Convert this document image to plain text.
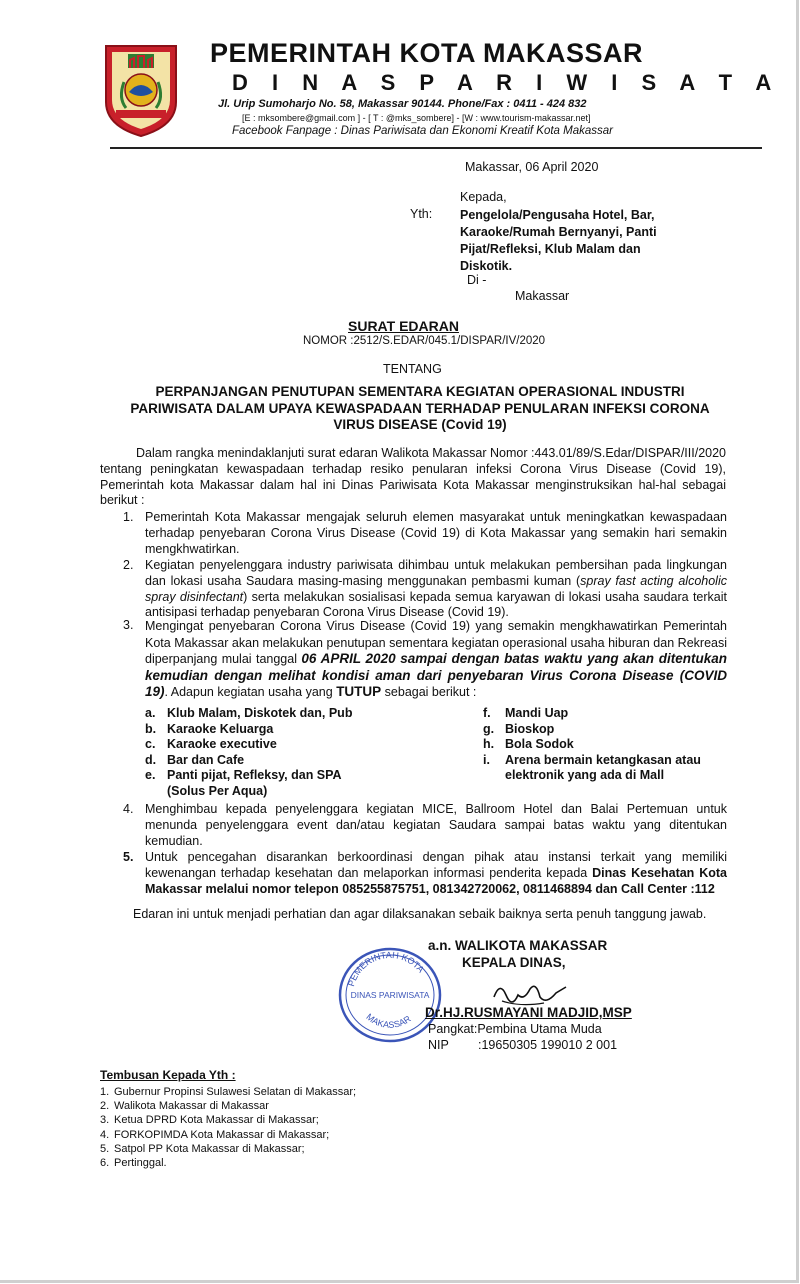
PEMERINTAH KOTA MAKASSAR
D I N A S P A R I W I S A T A
Jl. Urip Sumoharjo No. 58, Makassar 90144. Phone/Fax : 0411 - 424 832
[E : mksombere@gmail.com ] - [ T : @mks_sombere] - [W : www.tourism-makassar.net]
Facebook Fanpage : Dinas Pariwisata dan Ekonomi Kreatif Kota Makassar
Makassar, 06 April 2020
Kepada,
Yth: Pengelola/Pengusaha Hotel, Bar,
Karaoke/Rumah Bernyanyi, Panti
Pijat/Refleksi, Klub Malam dan
Diskotik.
Di -
Makassar
SURAT EDARAN
NOMOR :2512/S.EDAR/045.1/DISPAR/IV/2020
TENTANG
PERPANJANGAN PENUTUPAN SEMENTARA KEGIATAN OPERASIONAL INDUSTRI
PARIWISATA DALAM UPAYA KEWASPADAAN TERHADAP PENULARAN INFEKSI CORONA
VIRUS DISEASE (Covid 19)
Dalam rangka menindaklanjuti surat edaran Walikota Makassar Nomor :443.01/89/S.Edar/DISPAR/III/2020 tentang peningkatan kewaspadaan terhadap resiko penularan infeksi Corona Virus Disease (Covid 19), Pemerintah kota Makassar dalam hal ini Dinas Pariwisata Kota Makassar menginstruksikan hal-hal sebagai berikut :
1. Pemerintah Kota Makassar mengajak seluruh elemen masyarakat untuk meningkatkan kewaspadaan terhadap penyebaran Corona Virus Disease (Covid 19) di Kota Makassar yang semakin hari semakin mengkhwatirkan.
2. Kegiatan penyelenggara industry pariwisata dihimbau untuk melakukan pembersihan pada lingkungan dan lokasi usaha Saudara masing-masing menggunakan pembasmi kuman (spray fast acting alcoholic spray disinfectant) serta melakukan sosialisasi kepada semua karyawan di lokasi usaha saudara terkait antisipasi terhadap penyebaran Corona Virus Disease (Covid 19).
3. Mengingat penyebaran Corona Virus Disease (Covid 19) yang semakin mengkhawatirkan Pemerintah Kota Makassar akan melakukan penutupan sementara kegiatan operasional usaha hiburan dan Rekreasi diperpanjang mulai tanggal 06 APRIL 2020 sampai dengan batas waktu yang akan ditentukan kemudian dengan melihat kondisi aman dari penyebaran Virus Corona Disease (COVID 19). Adapun kegiatan usaha yang TUTUP sebagai berikut :
a. Klub Malam, Diskotek dan, Pub
b. Karaoke Keluarga
c. Karaoke executive
d. Bar dan Cafe
e. Panti pijat, Refleksy, dan SPA
(Solus Per Aqua)
f. Mandi Uap
g. Bioskop
h. Bola Sodok
i. Arena bermain ketangkasan atau
elektronik yang ada di Mall
4. Menghimbau kepada penyelenggara kegiatan MICE, Ballroom Hotel dan Balai Pertemuan untuk menunda penyelenggara event dan/atau kegiatan Saudara sampai batas waktu yang ditentukan kemudian.
5. Untuk pencegahan disarankan berkoordinasi dengan pihak atau instansi terkait yang memiliki kewenangan terhadap kesehatan dan melaporkan informasi penderita kepada Dinas Kesehatan Kota Makassar melalui nomor telepon 085255875751, 081342720062, 0811468894 dan Call Center :112
Edaran ini untuk menjadi perhatian dan agar dilaksanakan sebaik baiknya serta penuh tanggung jawab.
a.n. WALIKOTA MAKASSAR
KEPALA DINAS,
PEMERINTAH KOTA
DINAS PARIWISATA
MAKASSAR Dr.HJ.RUSMAYANI MADJID,MSP
Pangkat:Pembina Utama Muda
NIP :19650305 199010 2 001
Tembusan Kepada Yth :
1. Gubernur Propinsi Sulawesi Selatan di Makassar;
2. Walikota Makassar di Makassar
3. Ketua DPRD Kota Makassar di Makassar;
4. FORKOPIMDA Kota Makassar di Makassar;
5. Satpol PP Kota Makassar di Makassar;
6. Pertinggal.
